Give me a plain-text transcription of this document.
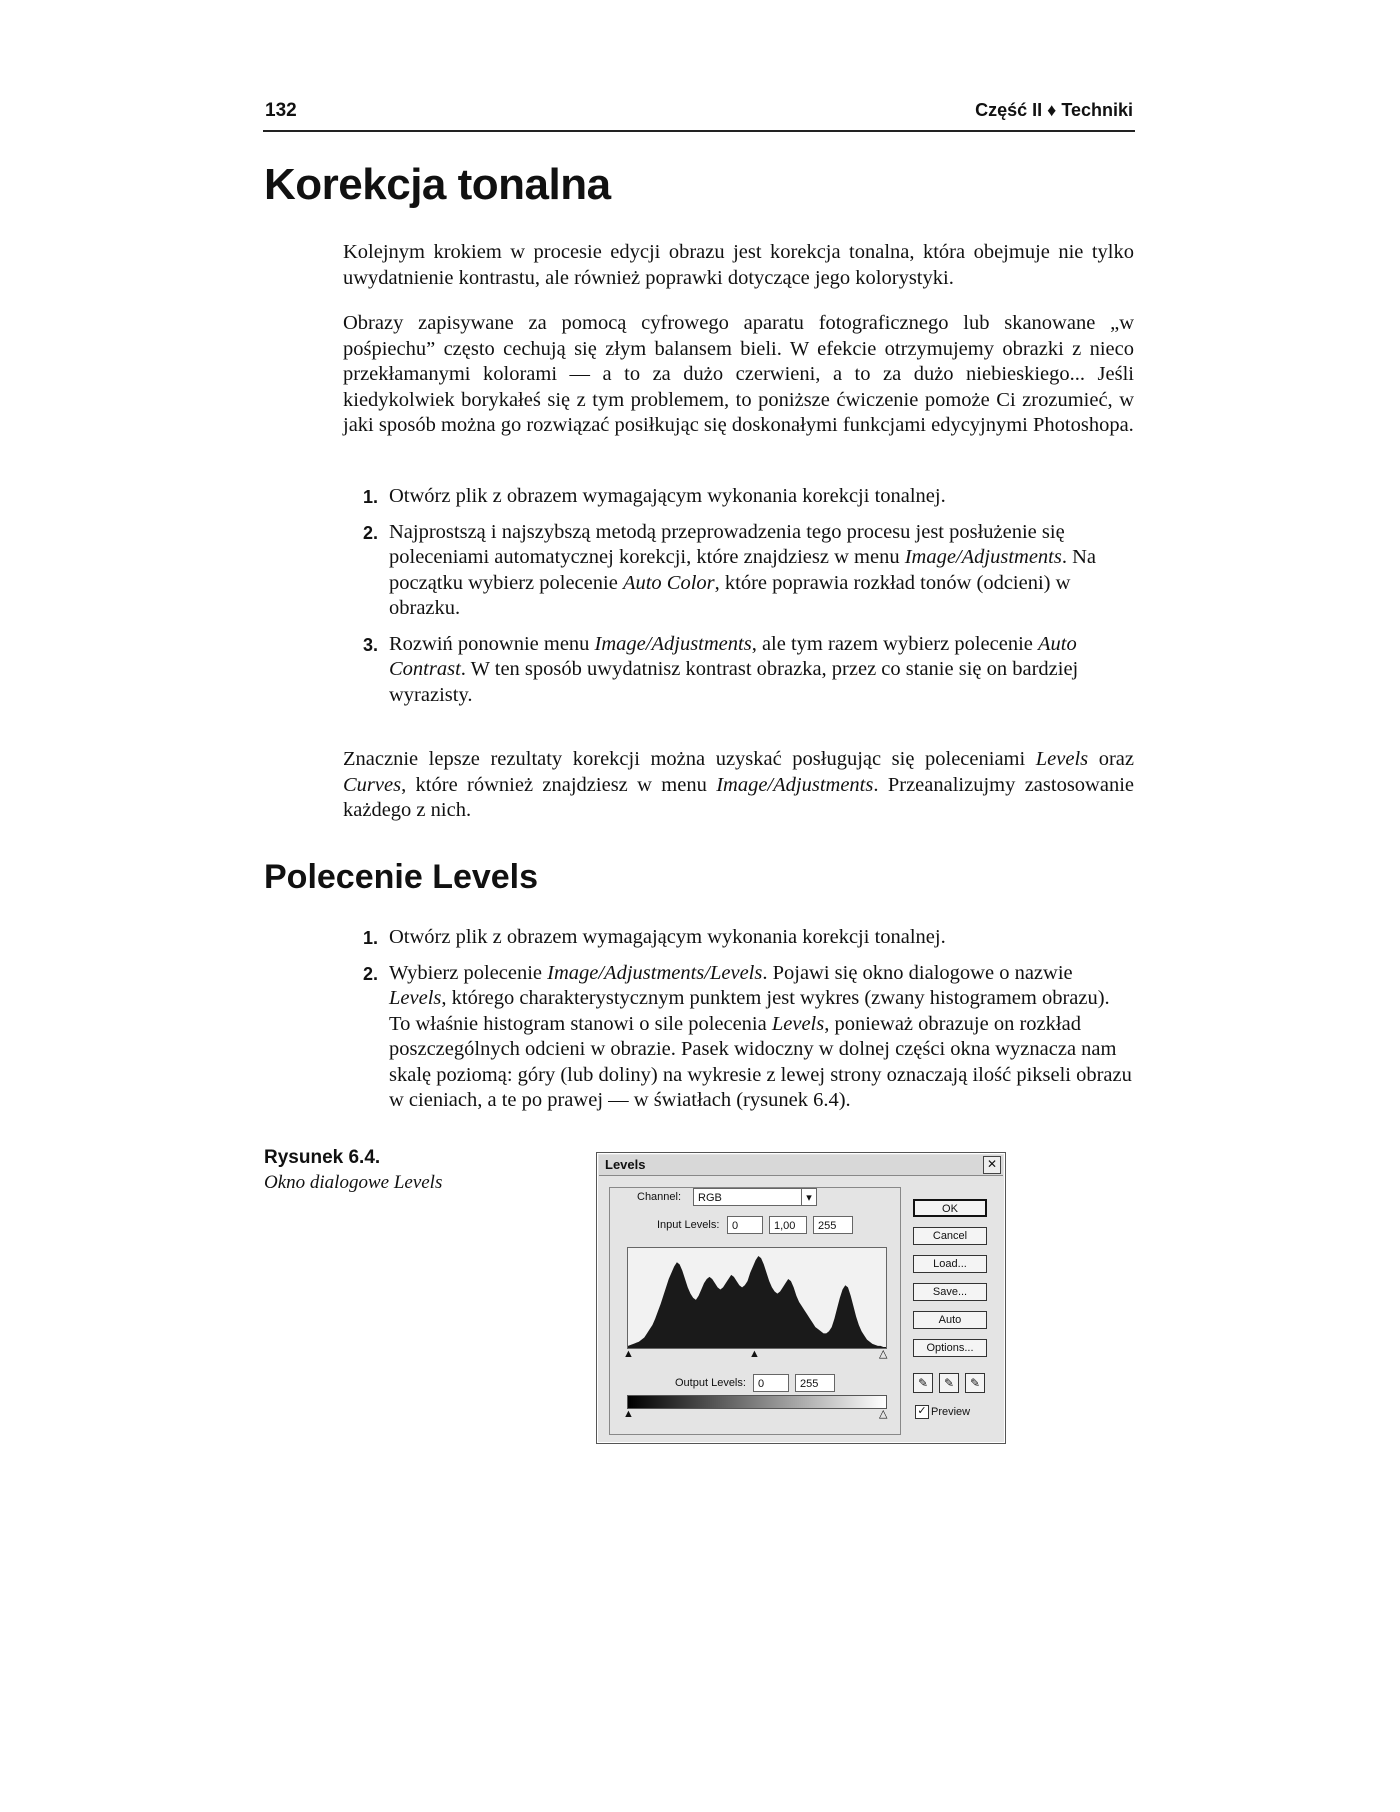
132	Część II ♦ Techniki
Korekcja tonalna

Kolejnym krokiem w procesie edycji obrazu jest korekcja tonalna, która obejmuje nie tylko uwydatnienie kontrastu, ale również poprawki dotyczące jego kolorystyki.

Obrazy zapisywane za pomocą cyfrowego aparatu fotograficznego lub skanowane „w pośpiechu” często cechują się złym balansem bieli. W efekcie otrzymujemy obrazki z nieco przekłamanymi kolorami — a to za dużo czerwieni, a to za dużo niebieskiego... Jeśli kiedykolwiek borykałeś się z tym problemem, to poniższe ćwiczenie pomoże Ci zrozumieć, w jaki sposób można go rozwiązać posiłkując się doskonałymi funkcjami edycyjnymi Photoshopa.

1. Otwórz plik z obrazem wymagającym wykonania korekcji tonalnej.
2. Najprostszą i najszybszą metodą przeprowadzenia tego procesu jest posłużenie się poleceniami automatycznej korekcji, które znajdziesz w menu Image/Adjustments. Na początku wybierz polecenie Auto Color, które poprawia rozkład tonów (odcieni) w obrazku.
3. Rozwiń ponownie menu Image/Adjustments, ale tym razem wybierz polecenie Auto Contrast. W ten sposób uwydatnisz kontrast obrazka, przez co stanie się on bardziej wyrazisty.

Znacznie lepsze rezultaty korekcji można uzyskać posługując się poleceniami Levels oraz Curves, które również znajdziesz w menu Image/Adjustments. Przeanalizujmy zastosowanie każdego z nich.

Polecenie Levels
1. Otwórz plik z obrazem wymagającym wykonania korekcji tonalnej.
2. Wybierz polecenie Image/Adjustments/Levels. Pojawi się okno dialogowe o nazwie Levels, którego charakterystycznym punktem jest wykres (zwany histogramem obrazu). To właśnie histogram stanowi o sile polecenia Levels, ponieważ obrazuje on rozkład poszczególnych odcieni w obrazie. Pasek widoczny w dolnej części okna wyznacza nam skalę poziomą: góry (lub doliny) na wykresie z lewej strony oznaczają ilość pikseli obrazu w cieniach, a te po prawej — w światłach (rysunek 6.4).
Rysunek 6.4.
Okno dialogowe Levels
Levels	✕
Channel:	RGB	▾
Input Levels:	0	1,00	255
▲	▲	△
Output Levels:	0	255
▲	△
OK
Cancel
Load...
Save...
Auto
Options...
✎	✎	✎
✓ Preview
